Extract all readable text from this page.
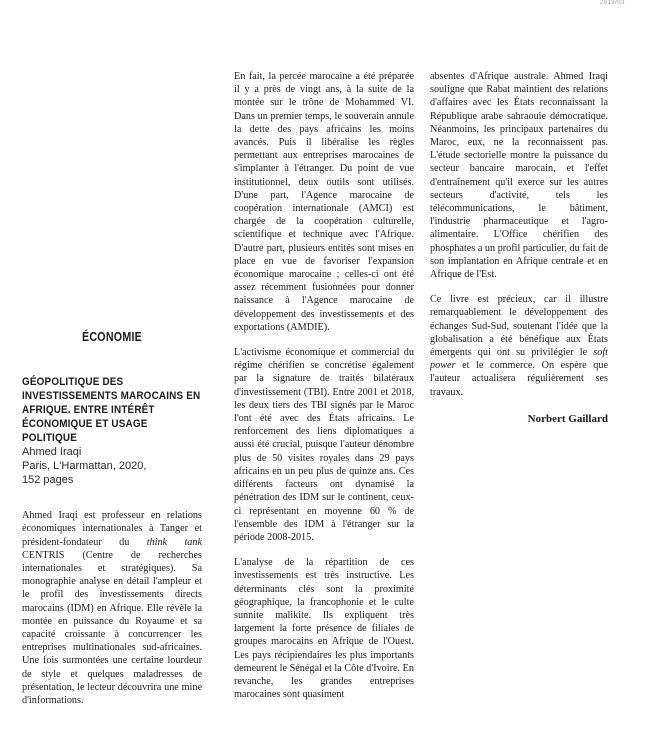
2019/03
ÉCONOMIE
GÉOPOLITIQUE DES INVESTISSEMENTS MAROCAINS EN AFRIQUE. ENTRE INTÉRÊT ÉCONOMIQUE ET USAGE POLITIQUE
Ahmed Iraqi
Paris, L'Harmattan, 2020,
152 pages

Ahmed Iraqi est professeur en relations économiques internationales à Tanger et président-fondateur du think tank CENTRIS (Centre de recherches internationales et stratégiques). Sa monographie analyse en détail l'ampleur et le profil des investissements directs marocains (IDM) en Afrique. Elle révèle la montée en puissance du Royaume et sa capacité croissante à concurrencer les entreprises multinationales sud-africaines. Une fois surmontées une certaine lourdeur de style et quelques maladresses de présentation, le lecteur découvrira une mine d'informations.

En fait, la percée marocaine a été préparée il y a près de vingt ans, à la suite de la montée sur le trône de Mohammed VI. Dans un premier temps, le souverain annule la dette des pays africains les moins avancés. Puis il libéralise les règles permettant aux entreprises marocaines de s'implanter à l'étranger. Du point de vue institutionnel, deux outils sont utilisés. D'une part, l'Agence marocaine de coopération internationale (AMCI) est chargée de la coopération culturelle, scientifique et technique avec l'Afrique. D'autre part, plusieurs entités sont mises en place en vue de favoriser l'expansion économique marocaine ; celles-ci ont été assez récemment fusionnées pour donner naissance à l'Agence marocaine de développement des investissements et des exportations (AMDIE).

L'activisme économique et commercial du régime chérifien se concrétise également par la signature de traités bilatéraux d'investissement (TBI). Entre 2001 et 2018, les deux tiers des TBI signés par le Maroc l'ont été avec des États africains. Le renforcement des liens diplomatiques a aussi été crucial, puisque l'auteur dénombre plus de 50 visites royales dans 29 pays africains en un peu plus de quinze ans. Ces différents facteurs ont dynamisé la pénétration des IDM sur le continent, ceux-ci représentant en moyenne 60 % de l'ensemble des IDM à l'étranger sur la période 2008-2015.

L'analyse de la répartition de ces investissements est très instructive. Les déterminants clés sont la proximité géographique, la francophonie et le culte sunnite malikite. Ils expliquent très largement la forte présence de filiales de groupes marocains en Afrique de l'Ouest. Les pays récipiendaires les plus importants demeurent le Sénégal et la Côte d'Ivoire. En revanche, les grandes entreprises marocaines sont quasiment

absentes d'Afrique australe. Ahmed Iraqi souligne que Rabat maintient des relations d'affaires avec les États reconnaissant la République arabe sahraouie démocratique. Néanmoins, les principaux partenaires du Maroc, eux, ne la reconnaissent pas. L'étude sectorielle montre la puissance du secteur bancaire marocain, et l'effet d'entraînement qu'il exerce sur les autres secteurs d'activité, tels les télécommunications, le bâtiment, l'industrie pharmaceutique et l'agro-alimentaire. L'Office chérifien des phosphates a un profil particulier, du fait de son implantation en Afrique centrale et en Afrique de l'Est.

Ce livre est précieux, car il illustre remarquablement le développement des échanges Sud-Sud, soutenant l'idée que la globalisation a été bénéfique aux États émergents qui ont su privilégier le soft power et le commerce. On espère que l'auteur actualisera régulièrement ses travaux.

Norbert Gaillard
